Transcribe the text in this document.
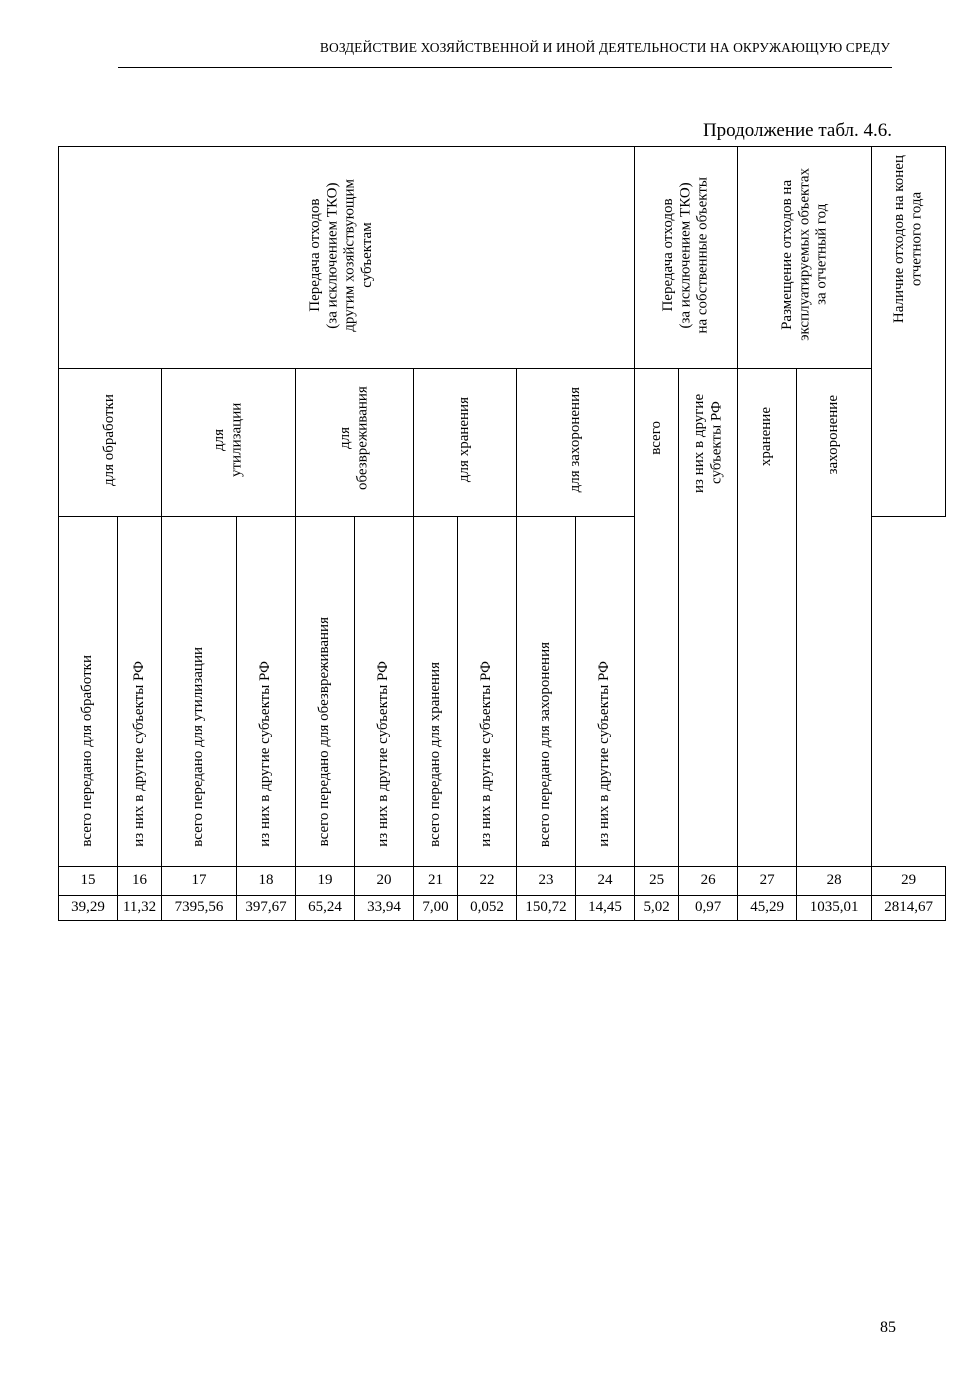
ВОЗДЕЙСТВИЕ ХОЗЯЙСТВЕННОЙ И ИНОЙ ДЕЯТЕЛЬНОСТИ НА ОКРУЖАЮЩУЮ СРЕДУ
Продолжение табл. 4.6.
Передача отходов
(за исключением ТКО)
другим хозяйствующим
субъектам										Передача отходов
(за исключением ТКО)
на собственные объекты		Размещение отходов на
эксплуатируемых объектах
за отчетный год		Наличие отходов на конец
отчетного года
для обработки		для утилизации		для обезвреживания		для хранения		для захоронения		всего	из них в другие субъекты РФ	хранение	захоронение	
всего передано для обработки	из них в другие субъекты РФ	всего передано для утилизации	из них в другие субъекты РФ	всего передано для обезвреживания	из них в другие субъекты РФ	всего передано для хранения	из них в другие субъекты РФ	всего передано для захоронения	из них в другие субъекты РФ					
15	16	17	18	19	20	21	22	23	24	25	26	27	28	29
39,29	11,32	7395,56	397,67	65,24	33,94	7,00	0,052	150,72	14,45	5,02	0,97	45,29	1035,01	2814,67
85
